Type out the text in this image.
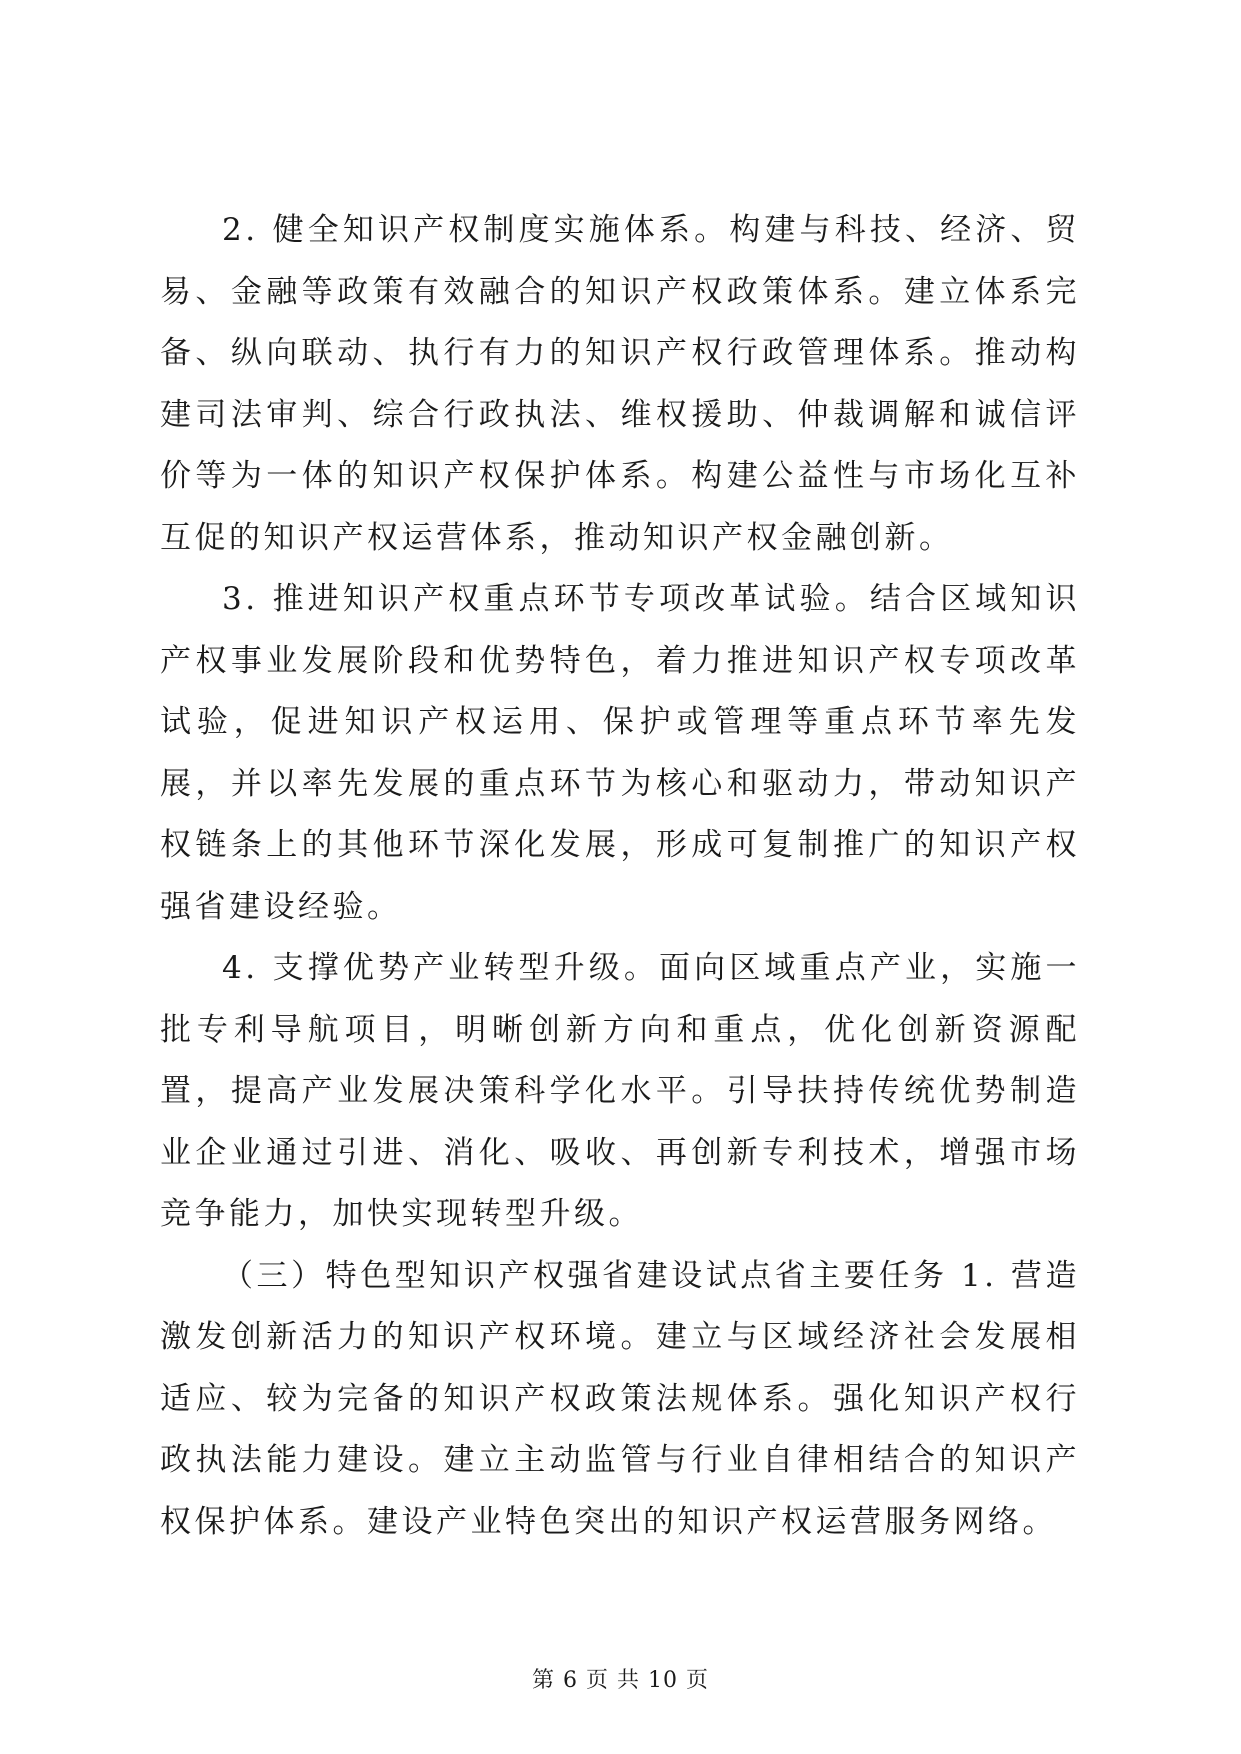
2. 健全知识产权制度实施体系。构建与科技、经济、贸易、金融等政策有效融合的知识产权政策体系。建立体系完备、纵向联动、执行有力的知识产权行政管理体系。推动构建司法审判、综合行政执法、维权援助、仲裁调解和诚信评价等为一体的知识产权保护体系。构建公益性与市场化互补互促的知识产权运营体系，推动知识产权金融创新。

3. 推进知识产权重点环节专项改革试验。结合区域知识产权事业发展阶段和优势特色，着力推进知识产权专项改革试验，促进知识产权运用、保护或管理等重点环节率先发展，并以率先发展的重点环节为核心和驱动力，带动知识产权链条上的其他环节深化发展，形成可复制推广的知识产权强省建设经验。

4. 支撑优势产业转型升级。面向区域重点产业，实施一批专利导航项目，明晰创新方向和重点，优化创新资源配置，提高产业发展决策科学化水平。引导扶持传统优势制造业企业通过引进、消化、吸收、再创新专利技术，增强市场竞争能力，加快实现转型升级。

（三）特色型知识产权强省建设试点省主要任务 1. 营造激发创新活力的知识产权环境。建立与区域经济社会发展相适应、较为完备的知识产权政策法规体系。强化知识产权行政执法能力建设。建立主动监管与行业自律相结合的知识产权保护体系。建设产业特色突出的知识产权运营服务网络。

第 6 页 共 10 页
